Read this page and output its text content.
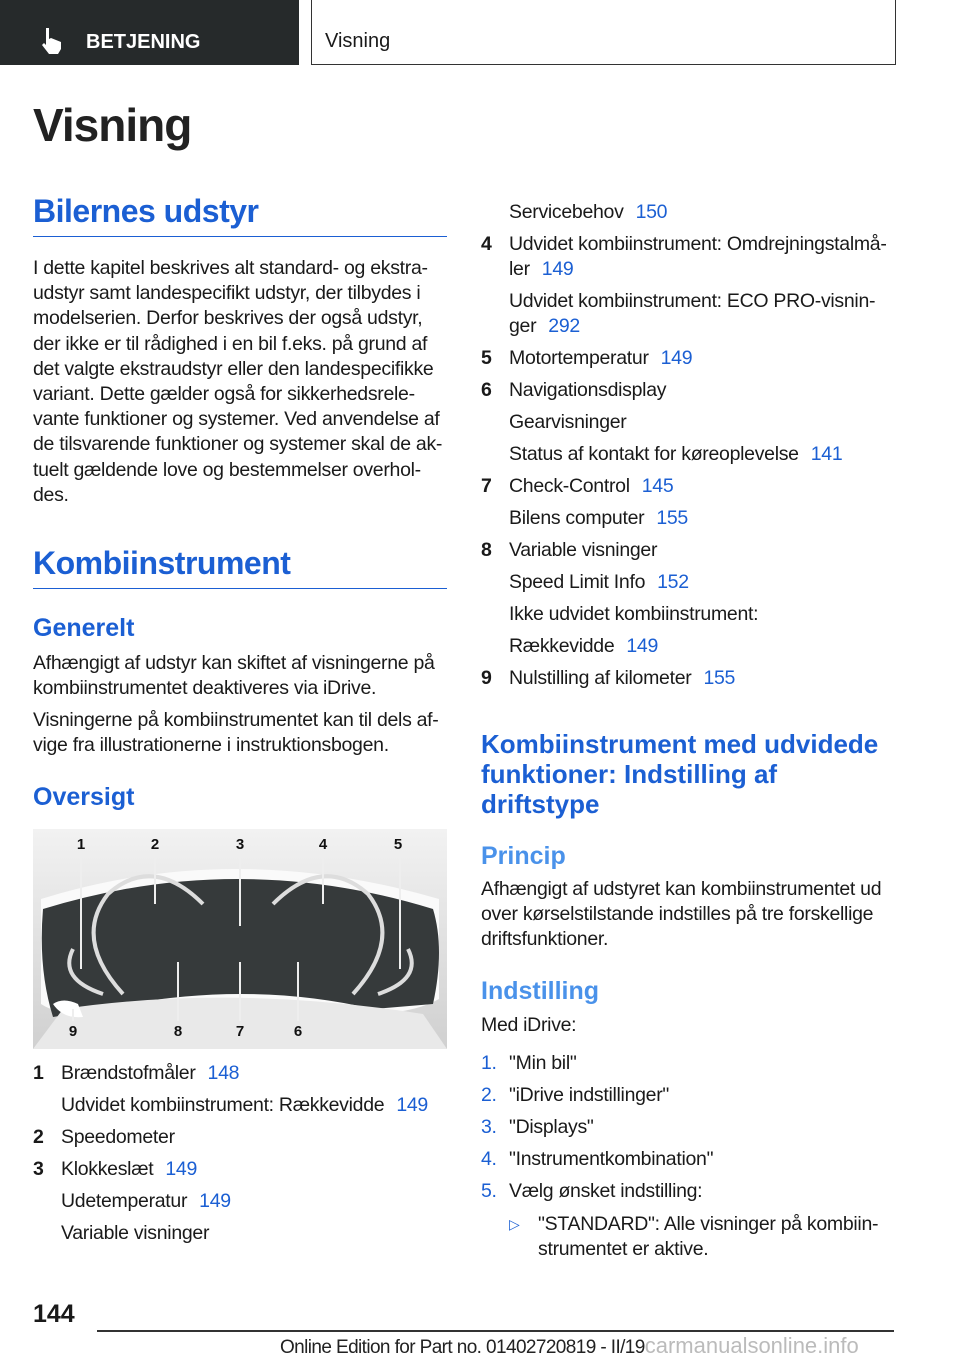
BETJENING	Visning
Visning
Bilernes udstyr
I dette kapitel beskrives alt standard- og ekstra-
udstyr samt landespecifikt udstyr, der tilbydes i
modelserien. Derfor beskrives der også udstyr,
der ikke er til rådighed i en bil f.eks. på grund af
det valgte ekstraudstyr eller den landespecifikke
variant. Dette gælder også for sikkerhedsrele-
vante funktioner og systemer. Ved anvendelse af
de tilsvarende funktioner og systemer skal de ak-
tuelt gældende love og bestemmelser overhol-
des.
Kombiinstrument
Generelt
Afhængigt af udstyr kan skiftet af visningerne på
kombiinstrumentet deaktiveres via iDrive.
Visningerne på kombiinstrumentet kan til dels af-
vige fra illustrationerne i instruktionsbogen.
Oversigt
1	2	3	4	5
6
7
8
9
1 Brændstofmåler 148
Udvidet kombiinstrument: Rækkevidde 149
2 Speedometer
3 Klokkeslæt 149
Udetemperatur 149
Variable visninger
Servicebehov 150
4 Udvidet kombiinstrument: Omdrejningstalmå-
ler 149
Udvidet kombiinstrument: ECO PRO-visnin-
ger 292
5 Motortemperatur 149
6 Navigationsdisplay
Gearvisninger
Status af kontakt for køreoplevelse 141
7 Check-Control 145
Bilens computer 155
8 Variable visninger
Speed Limit Info 152
Ikke udvidet kombiinstrument:
Rækkevidde 149
9 Nulstilling af kilometer 155
Kombiinstrument med udvidede
funktioner: Indstilling af
driftstype
Princip
Afhængigt af udstyret kan kombiinstrumentet ud
over kørselstilstande indstilles på tre forskellige
driftsfunktioner.
Indstilling
Med iDrive:
1. "Min bil"
2. "iDrive indstillinger"
3. "Displays"
4. "Instrumentkombination"
5. Vælg ønsket indstilling:
▷ "STANDARD": Alle visninger på kombiin-
strumentet er aktive.
144
Online Edition for Part no. 01402720819 - II/19carmanualsonline.info
